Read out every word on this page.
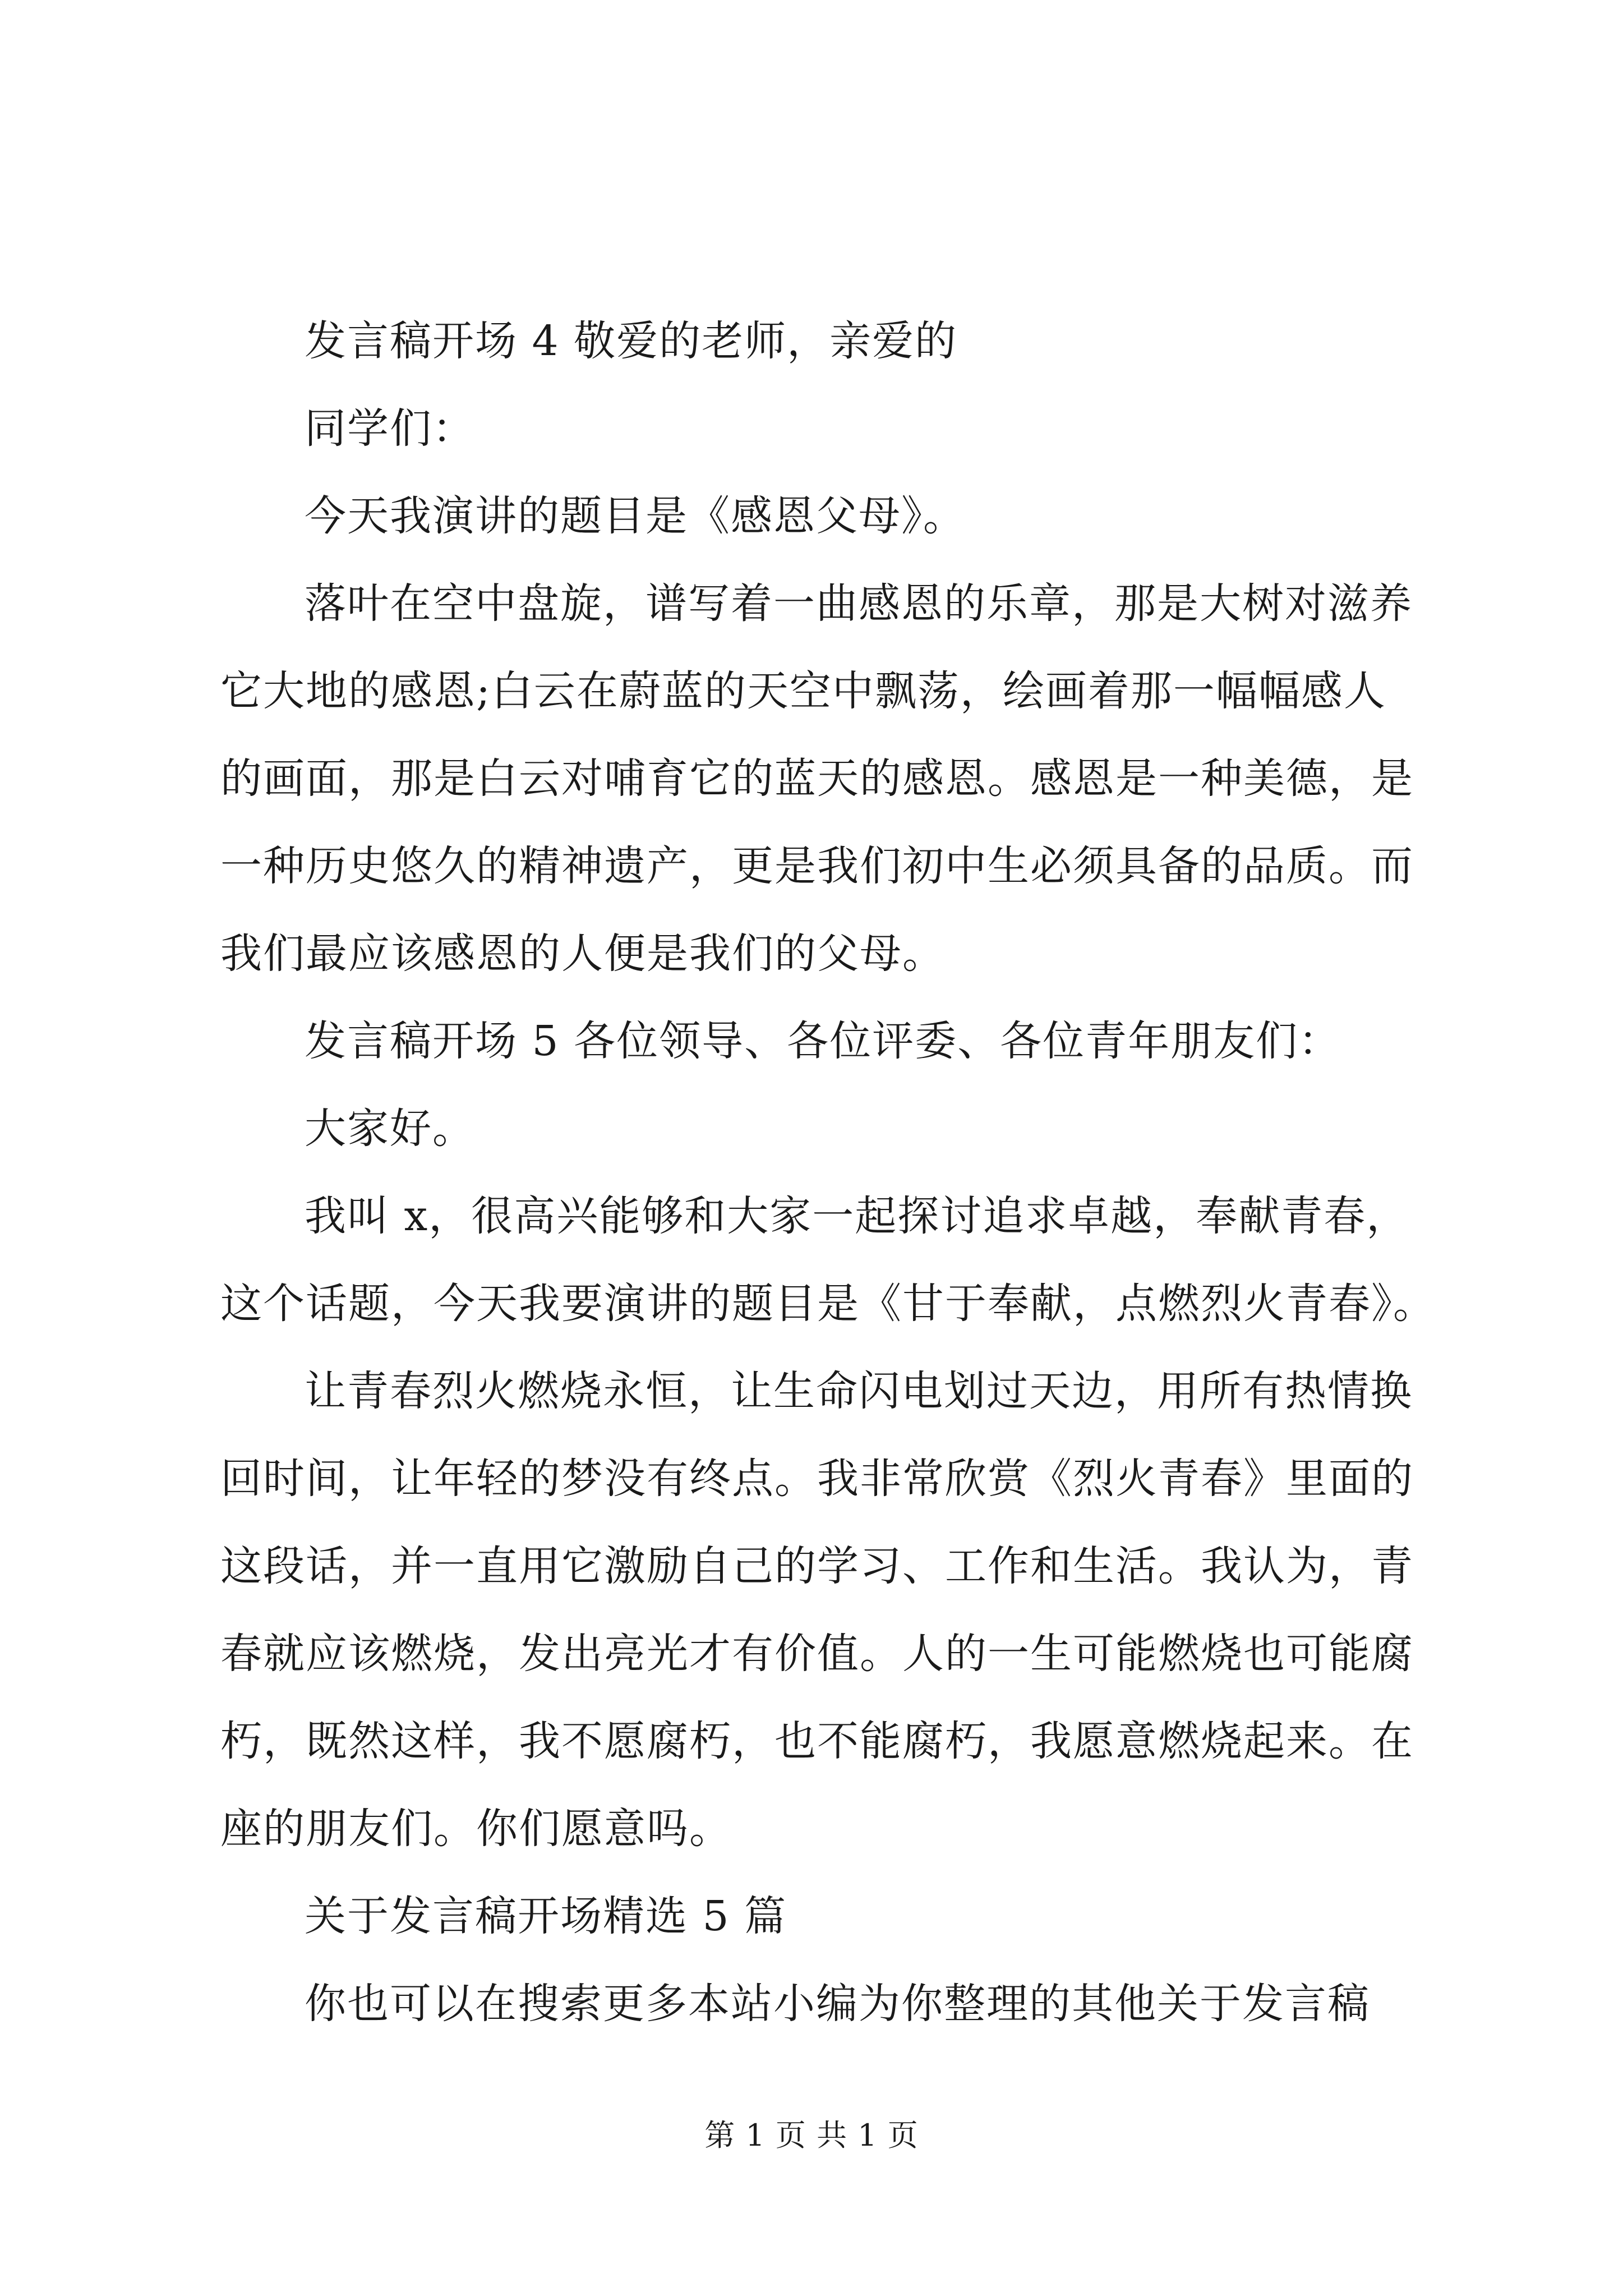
发言稿开场 4 敬爱的老师，亲爱的
同学们：
今天我演讲的题目是《感恩父母》。
落叶在空中盘旋，谱写着一曲感恩的乐章，那是大树对滋养
它大地的感恩;白云在蔚蓝的天空中飘荡，绘画着那一幅幅感人
的画面，那是白云对哺育它的蓝天的感恩。感恩是一种美德，是
一种历史悠久的精神遗产，更是我们初中生必须具备的品质。而
我们最应该感恩的人便是我们的父母。
发言稿开场 5 各位领导、各位评委、各位青年朋友们：
大家好。
我叫 x，很高兴能够和大家一起探讨追求卓越，奉献青春，
这个话题，今天我要演讲的题目是《甘于奉献，点燃烈火青春》。
让青春烈火燃烧永恒，让生命闪电划过天边，用所有热情换
回时间，让年轻的梦没有终点。我非常欣赏《烈火青春》里面的
这段话，并一直用它激励自己的学习、工作和生活。我认为，青
春就应该燃烧，发出亮光才有价值。人的一生可能燃烧也可能腐
朽，既然这样，我不愿腐朽，也不能腐朽，我愿意燃烧起来。在
座的朋友们。你们愿意吗。
关于发言稿开场精选 5 篇
你也可以在搜索更多本站小编为你整理的其他关于发言稿
第 1 页 共 1 页
